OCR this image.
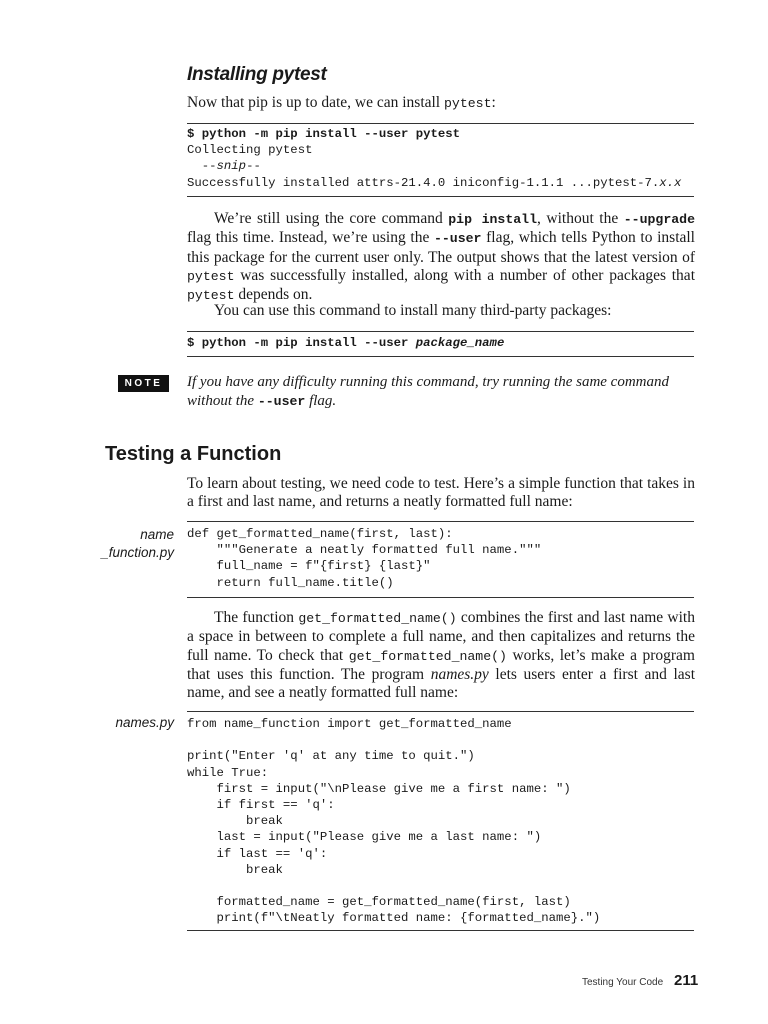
Installing pytest
Now that pip is up to date, we can install pytest:
$ python -m pip install --user pytest
Collecting pytest
--snip--
Successfully installed attrs-21.4.0 iniconfig-1.1.1 ...pytest-7.x.x
We’re still using the core command pip install, without the --upgrade flag this time. Instead, we’re using the --user flag, which tells Python to install this package for the current user only. The output shows that the latest version of pytest was successfully installed, along with a number of other packages that pytest depends on.
You can use this command to install many third-party packages:
$ python -m pip install --user package_name
NOTE	If you have any difficulty running this command, try running the same command without the --user flag.
Testing a Function
To learn about testing, we need code to test. Here’s a simple function that takes in a first and last name, and returns a neatly formatted full name:
name
_function.py
def get_formatted_name(first, last):
"""Generate a neatly formatted full name."""
full_name = f"{first} {last}"
return full_name.title()
The function get_formatted_name() combines the first and last name with a space in between to complete a full name, and then capitalizes and returns the full name. To check that get_formatted_name() works, let’s make a program that uses this function. The program names.py lets users enter a first and last name, and see a neatly formatted full name:
names.py from name_function import get_formatted_name

print("Enter 'q' at any time to quit.")
while True:
first = input("\nPlease give me a first name: ")
if first == 'q':
break
last = input("Please give me a last name: ")
if last == 'q':
break

formatted_name = get_formatted_name(first, last)
print(f"\tNeatly formatted name: {formatted_name}.")
Testing Your Code 211
